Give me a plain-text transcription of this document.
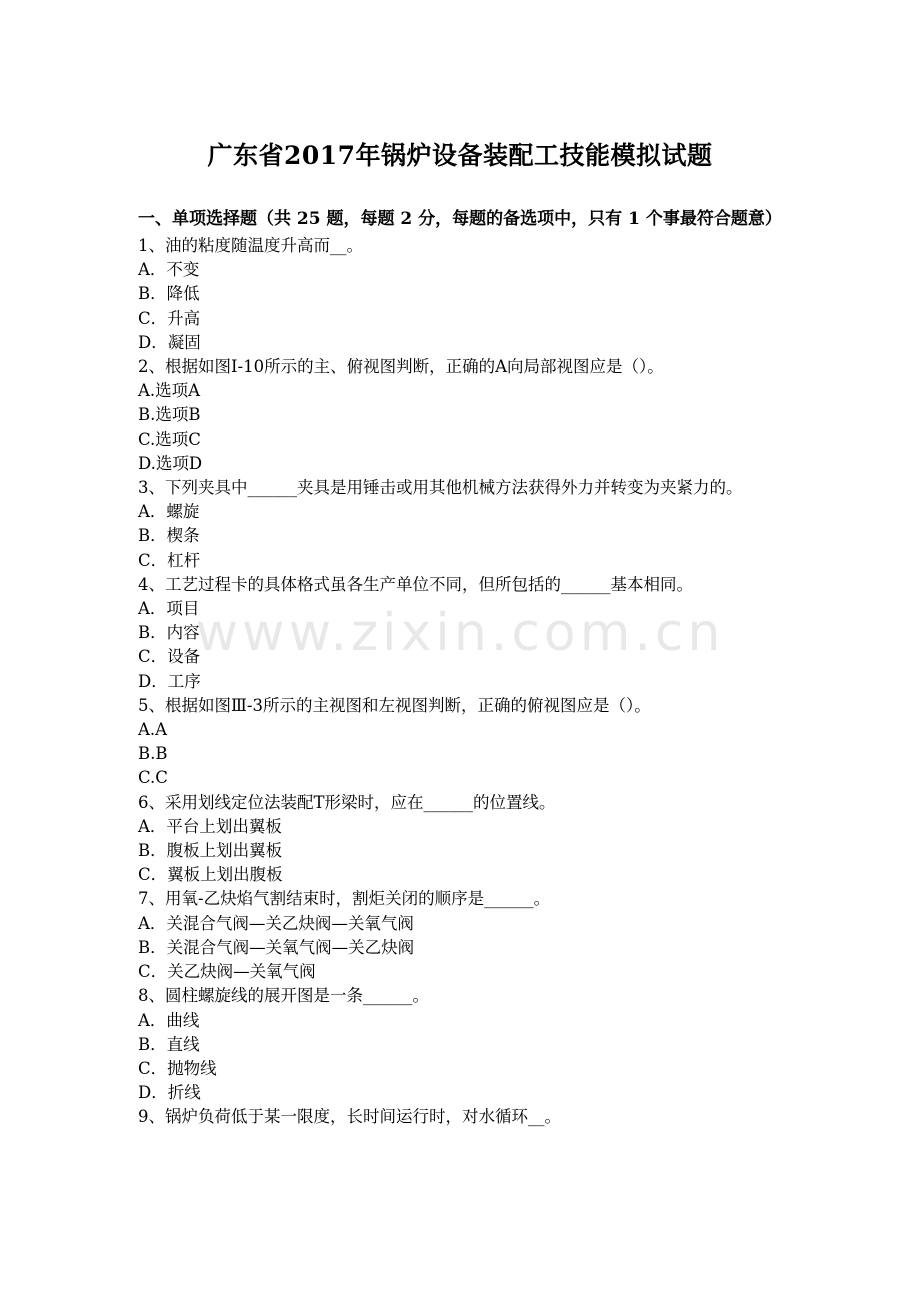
广东省2017年锅炉设备装配工技能模拟试题
一、单项选择题（共 25 题，每题 2 分，每题的备选项中，只有 1 个事最符合题意）
1、油的粘度随温度升高而__。
A．不变
B．降低
C．升高
D．凝固
2、根据如图Ⅰ-10所示的主、俯视图判断，正确的A向局部视图应是（）。
A.选项A
B.选项B
C.选项C
D.选项D
3、下列夹具中______夹具是用锤击或用其他机械方法获得外力并转变为夹紧力的。
A．螺旋
B．楔条
C．杠杆
4、工艺过程卡的具体格式虽各生产单位不同，但所包括的______基本相同。
A．项目
B．内容
C．设备
D．工序
5、根据如图Ⅲ-3所示的主视图和左视图判断，正确的俯视图应是（）。
A.A
B.B
C.C
6、采用划线定位法装配T形梁时，应在______的位置线。
A．平台上划出翼板
B．腹板上划出翼板
C．翼板上划出腹板
7、用氧-乙炔焰气割结束时，割炬关闭的顺序是______。
A．关混合气阀—关乙炔阀—关氧气阀
B．关混合气阀—关氧气阀—关乙炔阀
C．关乙炔阀—关氧气阀
8、圆柱螺旋线的展开图是一条______。
A．曲线
B．直线
C．抛物线
D．折线
9、锅炉负荷低于某一限度，长时间运行时，对水循环__。
www.zixin.com.cn
